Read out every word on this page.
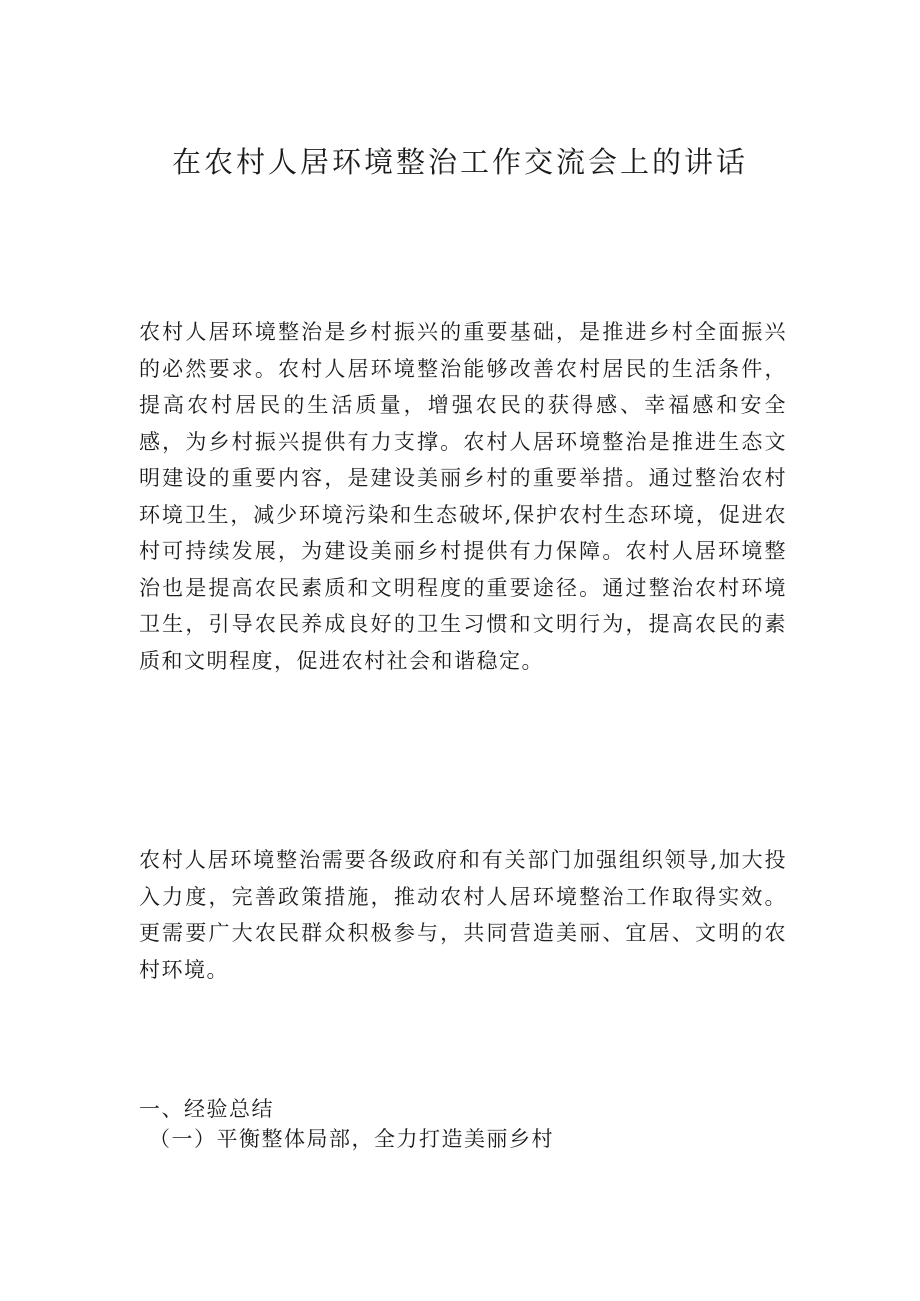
在农村人居环境整治工作交流会上的讲话

农村人居环境整治是乡村振兴的重要基础，是推进乡村全面振兴的必然要求。农村人居环境整治能够改善农村居民的生活条件，提高农村居民的生活质量，增强农民的获得感、幸福感和安全感，为乡村振兴提供有力支撑。农村人居环境整治是推进生态文明建设的重要内容，是建设美丽乡村的重要举措。通过整治农村环境卫生，减少环境污染和生态破坏,保护农村生态环境，促进农村可持续发展，为建设美丽乡村提供有力保障。农村人居环境整治也是提高农民素质和文明程度的重要途径。通过整治农村环境卫生，引导农民养成良好的卫生习惯和文明行为，提高农民的素质和文明程度，促进农村社会和谐稳定。

农村人居环境整治需要各级政府和有关部门加强组织领导,加大投入力度，完善政策措施，推动农村人居环境整治工作取得实效。更需要广大农民群众积极参与，共同营造美丽、宜居、文明的农村环境。

一、经验总结
（一）平衡整体局部，全力打造美丽乡村
